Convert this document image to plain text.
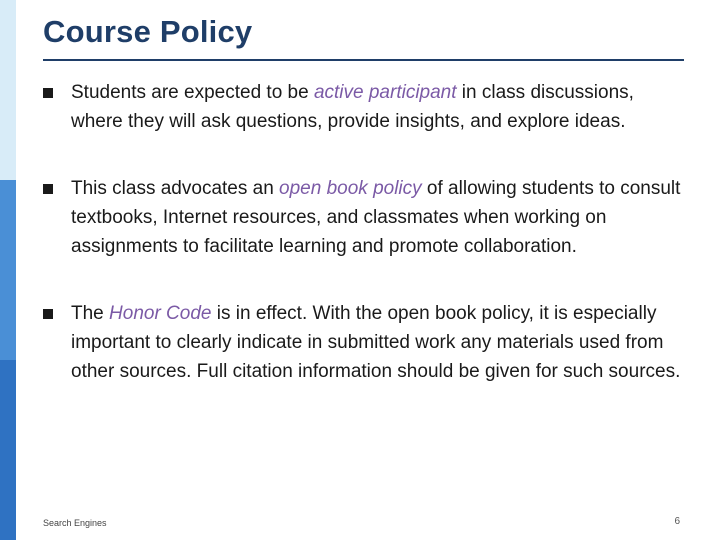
Course Policy
Students are expected to be active participant in class discussions, where they will ask questions, provide insights, and explore ideas.
This class advocates an open book policy of allowing students to consult textbooks, Internet resources, and classmates when working on assignments to facilitate learning and promote collaboration.
The Honor Code is in effect. With the open book policy, it is especially important to clearly indicate in submitted work any materials used from other sources. Full citation information should be given for such sources.
Search Engines	6
